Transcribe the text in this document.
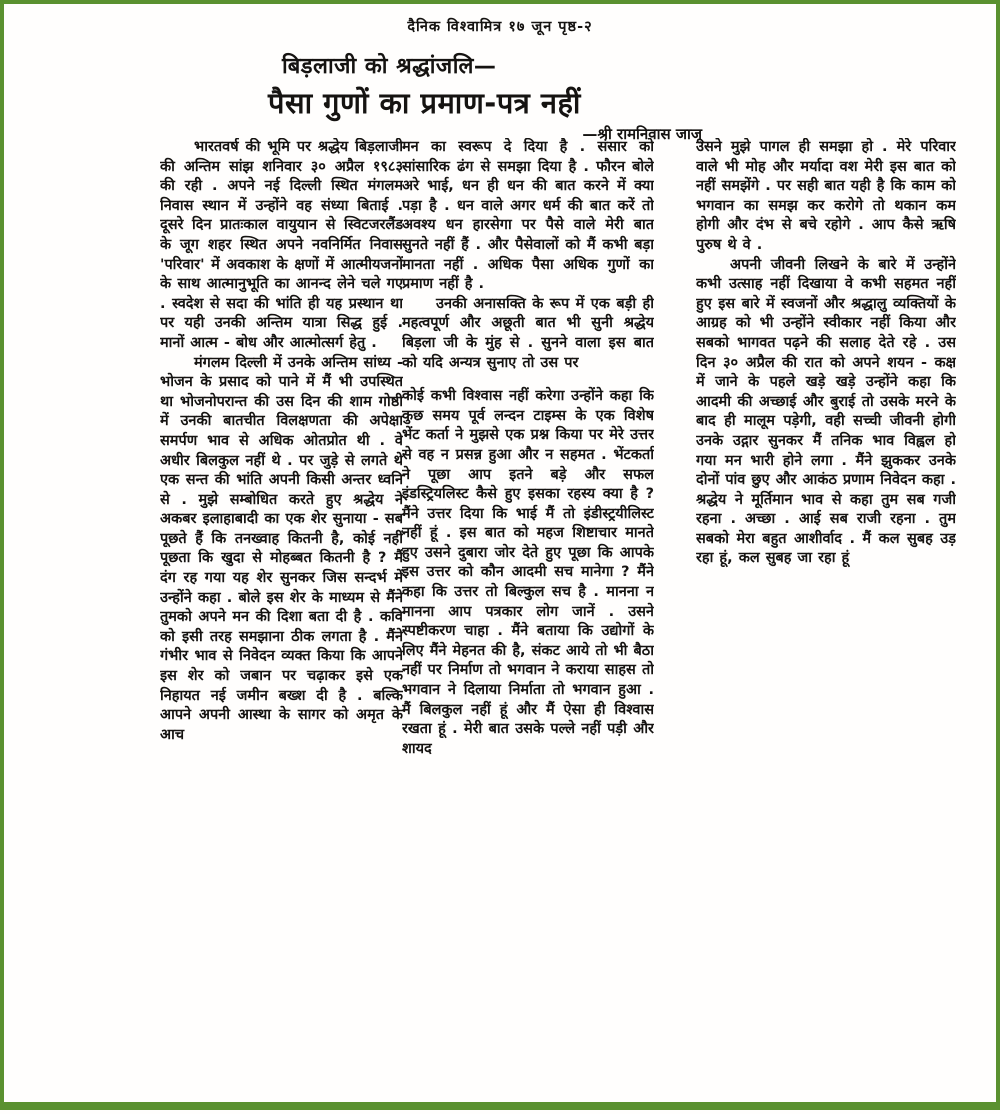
दैनिक विश्वामित्र १७ जून पृष्ठ-२
बिड़लाजी को श्रद्धांजलि—
पैसा गुणों का प्रमाण-पत्र नहीं
—श्री रामनिवास जाजू

भारतवर्ष की भूमि पर श्रद्धेय बिड़लाजी की अन्तिम सांझ शनिवार ३० अप्रैल १९८३ की रही . अपने नई दिल्ली स्थित मंगलम निवास स्थान में उन्होंने वह संध्या बिताई . दूसरे दिन प्रातःकाल वायुयान से स्विटजरलैंड के जूग शहर स्थित अपने नवनिर्मित निवास 'परिवार' में अवकाश के क्षणों में आत्मीयजनों के साथ आत्मानुभूति का आनन्द लेने चले गए . स्वदेश से सदा की भांति ही यह प्रस्थान था पर यही उनकी अन्तिम यात्रा सिद्ध हुई . मानों आत्म - बोध और आत्मोत्सर्ग हेतु .

मंगलम दिल्ली में उनके अन्तिम सांध्य - भोजन के प्रसाद को पाने में मैं भी उपस्थित था भोजनोपरान्त की उस दिन की शाम गोष्ठी में उनकी बातचीत विलक्षणता की अपेक्षा समर्पण भाव से अधिक ओतप्रोत थी . वे अधीर बिलकुल नहीं थे . पर जुड़े से लगते थे एक सन्त की भांति अपनी किसी अन्तर ध्वनि से . मुझे सम्बोधित करते हुए श्रद्धेय ने अकबर इलाहाबादी का एक शेर सुनाया - सब पूछते हैं कि तनख्वाह कितनी है, कोई नहीं पूछता कि खुदा से मोहब्बत कितनी है ? मैं दंग रह गया यह शेर सुनकर जिस सन्दर्भ में उन्होंने कहा . बोले इस शेर के माध्यम से मैंने तुमको अपने मन की दिशा बता दी है . कवि को इसी तरह समझाना ठीक लगता है . मैंने गंभीर भाव से निवेदन व्यक्त किया कि आपने इस शेर को जबान पर चढ़ाकर इसे एक निहायत नई जमीन बख्श दी है . बल्कि आपने अपनी आस्था के सागर को अमृत के आच

मन का स्वरूप दे दिया है . संसार को सांसारिक ढंग से समझा दिया है . फौरन बोले अरे भाई, धन ही धन की बात करने में क्या पड़ा है . धन वाले अगर धर्म की बात करें तो अवश्य धन हारसेगा पर पैसे वाले मेरी बात सुनते नहीं हैं . और पैसेवालों को मैं कभी बड़ा मानता नहीं . अधिक पैसा अधिक गुणों का प्रमाण नहीं है .

उनकी अनासक्ति के रूप में एक बड़ी ही महत्वपूर्ण और अछूती बात भी सुनी श्रद्धेय बिड़ला जी के मुंह से . सुनने वाला इस बात को यदि अन्यत्र सुनाए तो उस पर

कोई कभी विश्वास नहीं करेगा उन्होंने कहा कि कुछ समय पूर्व लन्दन टाइम्स के एक विशेष भेंट कर्ता ने मुझसे एक प्रश्न किया पर मेरे उत्तर से वह न प्रसन्न हुआ और न सहमत . भेंटकर्ता ने पूछा आप इतने बड़े और सफल इंडस्ट्रियलिस्ट कैसे हुए इसका रहस्य क्या है ? मैंने उत्तर दिया कि भाई मैं तो इंडीस्ट्रयीलिस्ट नहीं हूं . इस बात को महज शिष्टाचार मानते हुए उसने दुबारा जोर देते हुए पूछा कि आपके इस उत्तर को कौन आदमी सच मानेगा ? मैंने कहा कि उत्तर तो बिल्कुल सच है . मानना न मानना आप पत्रकार लोग जानें . उसने स्पष्टीकरण चाहा . मैंने बताया कि उद्योगों के लिए मैंने मेहनत की है, संकट आये तो भी बैठा नहीं पर निर्माण तो भगवान ने कराया साहस तो भगवान ने दिलाया निर्माता तो भगवान हुआ . मैं बिलकुल नहीं हूं और मैं ऐसा ही विश्वास रखता हूं . मेरी बात उसके पल्ले नहीं पड़ी और शायद

उसने मुझे पागल ही समझा हो . मेरे परिवार वाले भी मोह और मर्यादा वश मेरी इस बात को नहीं समझेंगे . पर सही बात यही है कि काम को भगवान का समझ कर करोगे तो थकान कम होगी और दंभ से बचे रहोगे . आप कैसे ऋषि पुरुष थे वे .

अपनी जीवनी लिखने के बारे में उन्होंने कभी उत्साह नहीं दिखाया वे कभी सहमत नहीं हुए इस बारे में स्वजनों और श्रद्धालु व्यक्तियों के आग्रह को भी उन्होंने स्वीकार नहीं किया और सबको भागवत पढ़ने की सलाह देते रहे . उस दिन ३० अप्रैल की रात को अपने शयन - कक्ष में जाने के पहले खड़े खड़े उन्होंने कहा कि आदमी की अच्छाई और बुराई तो उसके मरने के बाद ही मालूम पड़ेगी, वही सच्ची जीवनी होगी उनके उद्गार सुनकर मैं तनिक भाव विह्वल हो गया मन भारी होने लगा . मैंने झुककर उनके दोनों पांव छुए और आकंठ प्रणाम निवेदन कहा . श्रद्धेय ने मूर्तिमान भाव से कहा तुम सब गजी रहना . अच्छा . आई सब राजी रहना . तुम सबको मेरा बहुत आशीर्वाद . मैं कल सुबह उड़ रहा हूं, कल सुबह जा रहा हूं
